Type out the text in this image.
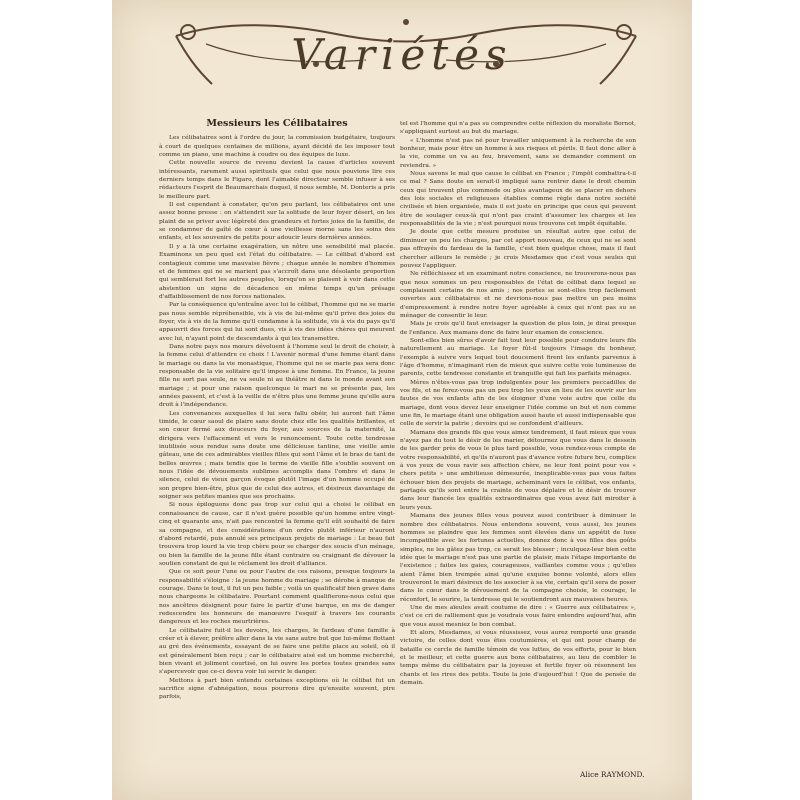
Variétés
Messieurs les Célibataires

Les célibataires sont à l'ordre du jour, la commission budgétaire, toujours à court de quelques centaines de millions, ayant décidé de les imposer tout comme un piano, une machine à coudre ou des équipes de luxe.

Cette nouvelle source de revenu devient la cause d'articles souvent intéressants, rarement aussi spirituels que celui que nous pouvions lire ces derniers temps dans le Figaro, dont l'aimable directeur semble infuser à ses rédacteurs l'esprit de Beaumarchais duquel, il nous semble, M. Donteris a pris le meilleure part.

Il est cependant à constater, qu'on peu parlant, les célibataires ont une assez bonne presse : on s'attendrit sur la solitude de leur foyer désert, on les plaint de se priver avec légèreté des grandeurs et fortes joies de la famille, de se condamner de gaîté de cœur à une vieillesse morne sans les soins des enfants, et les souvenirs de petits pour adoucir leurs dernières années.

Il y a là une certaine exagération, un nôtre une sensibilité mal placée. Examinons un peu quel est l'état du célibataire. — Le célibat d'abord est contagieux comme une mauvaise fièvre ; chaque année le nombre d'hommes et de femmes qui ne se marient pas s'accroît dans une désolante proportion qui semblerait fort les autres peuples, lorsqu'on se plaisent à voir dans cette abstention un signe de décadence en même temps qu'un présage d'affaiblissement de nos forces nationales.

Par la conséquence qu'entraîne avec lui le célibat, l'homme qui ne se marie pas nous semble répréhensible, vis à vis de lui-même qu'il prive des joies du foyer, vis à vis de la femme qu'il condamne à la solitude, vis à vis du pays qu'il appauvrit des forces qui lui sont dues, vis à vis des idées chères qui meurent avec lui, n'ayant point de descendants à qui les transmettre.

Dans notre pays nos mœurs dévoluent à l'homme seul le droit de choisir, à la femme celui d'attendre ce choix ! L'avenir normal d'une femme étant dans le mariage ou dans la vie monastique, l'homme qui ne se marie pas sera donc responsable de la vie solitaire qu'il impose à une femme. En France, la jeune fille ne sort pas seule, ne va seule ni au théâtre ni dans le monde avant son mariage ; si pour une raison quelconque le mari ne se présente pas, les années passent, et c'est à la veille de n'être plus une femme jeune qu'elle aura droit à l'indépendance.

Les convenances auxquelles il lui sera fallu obéir, lui auront fait l'âme timide, le cœur saoul de plaire sans doute chez elle les qualités brillantes, et son cœur fermé aux douceurs du foyer, aux sources de la maternité, la dirigera vers l'effacement et vers le renoncement. Toute cette tendresse inutilisée sous rendue sans doute une délicieuse tantine, une vieille amie gâteau, une de ces admirables vieilles filles qui sont l'âme et le bras de tant de belles œuvres ; mais tendis que le terme de vieille fille s'oublie souvent on nous l'idée de dévouements sublimes accomplis dans l'ombre et dans le silence, celui de vieux garçon évoque plutôt l'image d'un homme occupé de son propre bien-être, plus que de celui des autres, et désireux davantage de soigner ses petites manies que ses prochains.

Si nous épiloguons donc pas trop sur celui qui a choisi le célibat en connaissance de cause, car il n'est guère possible qu'un homme entre vingt-cinq et quarante ans, n'ait pas rencontré la femme qu'il eût souhaité de faire sa compagne, et des considérations d'un ordre plutôt inférieur n'auront d'abord retardé, puis annulé ses principaux projets de mariage : Le beau fait trouvera trop lourd la vie trop chère pour se charger des soucis d'un ménage, ou bien la famille de la jeune fille étant contraire ou craignant de dévouer la soutien constant de qui le réclament les droit d'alliance.

Que ce soit pour l'une ou pour l'autre de ces raisons, presque toujours la responsabilité s'éloigne : la jeune homme du mariage ; se dérobe à manque de courage. Dans le tout, il fut un peu faible ; voilà un qualificatif bien grave dans nous chargeons le célibataire. Pourtant comment qualifierons-nous celui que nos ancêtres désignent pour faire le partir d'une barque, en ms de danger redescendre les honneurs de manœuvre l'esquif à travers les courants dangereux et les roches meurtrières.

Le célibataire fuit-il les devoirs, les charges, le fardeau d'une famille à créer et à élever, préfère aller dans la vie sans autre but que lui-même flottant au gré des événements, essayant de se faire une petite place au soleil, où il est généralement bien reçu ; car le célibataire aisé est un homme recherché, bien vivant et joliment courtisé, on lui ouvre les portes toutes grandes sans s'apercevoir que ce-ci devra voir lui servir le danger.

Mettons à part bien entendu certaines exceptions où le célibat fut un sacrifice signe d'abnégation, nous pourrons dire qu'ensuite souvent, pire parfois,

tel est l'homme qui n'a pas su comprendre cette réflexion du moraliste Bornot, s'appliquant surtout au but du mariage.

« L'homme n'est pas né pour travailler uniquement à la recherche de son bonheur, mais pour être un homme à ses risques et périls. Il faut donc aller à la vie, comme un va au feu, bravement, sans se demander comment on reviendra. »

Nous savons le mal que cause le célibat en France ; l'impôt combattra-t-il ce mal ? Sans doute en serait-il impliqué sans rentrer dans le droit chemin ceux qui trouvent plus commode ou plus avantageux de se placer en dehors des lois sociales et religieuses établies comme règle dans notre société civilisée et bien organisée, mais il est juste en principe que ceux qui peuvent être de soulager ceux-là qui n'ont pas craint d'assumer les charges et les responsabilités de la vie ; n'est pourquoi nous trouvons cet impôt équitable.

Je doute que cette mesure produise un résultat autre que celui de diminuer un peu les charges, par cet apport nouveau, de ceux qui ne se sont pas effrayés du fardeau de la famille, c'est bien quelque chose, mais il faut chercher ailleurs le remède ; je crois Mesdames que c'est vous seules qui pouvez l'appliquer.

Ne réfléchissez et en examinant notre conscience, ne trouverons-nous pas que nous sommes un peu responsables de l'état de célibat dans lequel se complaisent certains de nos amis ; nos portes se sont-elles trop facilement ouvertes aux célibataires et ne devrions-nous pas mettre un peu moins d'empressement à rendre notre foyer agréable à ceux qui n'ont pas su se ménager de consentir le leur.

Mais je crois qu'il faut envisager la question de plus loin, je dirai presque de l'enfance. Aux mamans donc de faire leur examen de conscience.

Sont-elles bien sûres d'avoir fait tout leur possible pour conduire leurs fils naturellement au mariage. Le foyer fût-il toujours l'image du bonheur, l'exemple à suivre vers lequel tout doucement firent les enfants parvenus à l'âge d'homme, n'imaginant rien de mieux que suivre cette voie lumineuse de parents, cette tendresse constante et tranquille qui fait les parfaits ménages.

Mères n'êtes-vous pas trop indulgentes pour les premiers peccadilles de vos fils, et ne ferez-vous pas un peu trop les yeux en lieu de les ouvrir sur les fautes de vos enfants afin de les éloigner d'une voie autre que celle du mariage, dont vous devez leur enseigner l'idée comme un but et non comme une fin, le mariage étant une obligation aussi haute et aussi indispensable que celle de servir la patrie ; devoirs qui se confondent d'ailleurs.

Mamans des grands fils que vous aimez tendrement, il faut mieux que vous n'ayez pas du tout le désir de les marier, détournez que vous dans le dessein de les garder près de vous le plus tard possible, vous rendez-vous compte de votre responsabilité, et qu'ils n'auront pas d'avance votre future bru, complice à vos yeux de vous ravir ses affection chère, ne leur font point pour vos « chers petits » une ambitieuse démesurée, inexplicable-vous pas vous faites échouer bien des projets de mariage, acheminant vers le célibat, vos enfants, partagés qu'ils sont entre la crainte de vous déplaire et le désir de trouver dans leur fiancée les qualités extraordinaires que vous avez fait miroiter à leurs yeux.

Mamans des jeunes filles vous pouvez aussi contribuer à diminuer le nombre des célibataires. Nous entendons souvent, vous aussi, les jeunes hommes se plaindre que les femmes sont élevées dans un appétit de luxe incompatible avec les fortunes actuelles, donnez donc à vos filles des goûts simples, ne les gâtez pas trop, ce serait les blesser ; inculquez-leur bien cette idée que le mariage n'est pas une partie de plaisir, mais l'étape importante de l'existence ; faites les gaies, courageuses, vaillantes comme vous ; qu'elles aient l'âme bien trempée ainsi qu'une exquise bonne volonté, alors elles trouveront le mari désireux de les associer à sa vie, certain qu'il sera de poser dans le cœur dans le dévouement de la compagne choisie, le courage, le réconfort, le sourire, la tendresse qui le soutiendront aux mauvaises heures.

Une de mes aïeules avait coutume de dire : « Guerre aux célibataires », c'est ce cri de ralliement que je voudrais vous faire entendre aujourd'hui, afin que vous aussi mesniez le bon combat.

Et alors, Mesdames, si vous réussissez, vous aurez remporté une grande victoire, de celles dont vous êtes coutumières, et qui ont pour champ de bataille ce cercle de famille témoin de vos luttes, de vos efforts, pour le bien et le meilleur, et cette guerre aux bons célibataires, au lieu de combler le temps même du célibataire par la joyeuse et fertile foyer où résonnent les chants et les rires des petits. Toute la joie d'aujourd'hui ! Que de pensée de demain.

Alice RAYMOND.
